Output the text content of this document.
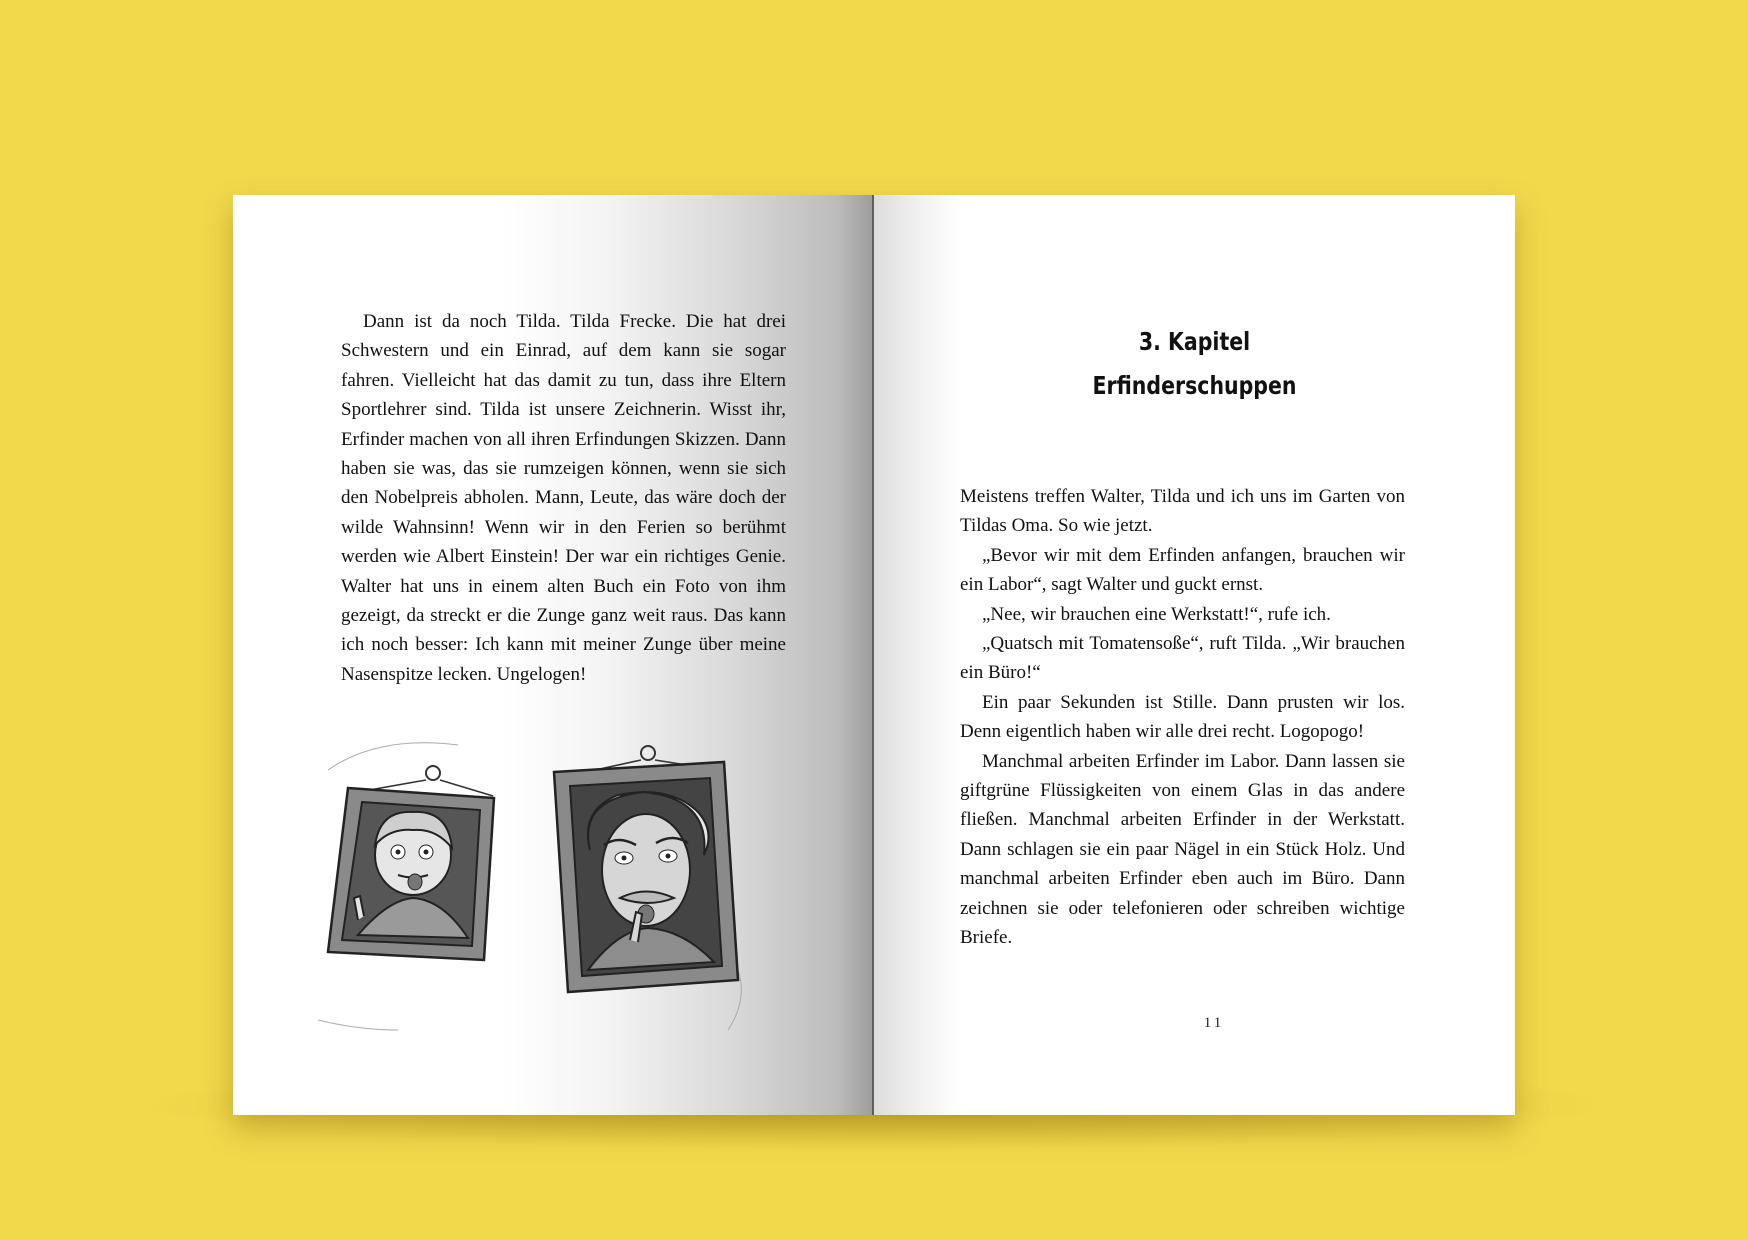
Dann ist da noch Tilda. Tilda Frecke. Die hat drei Schwestern und ein Einrad, auf dem kann sie sogar fahren. Vielleicht hat das damit zu tun, dass ihre Eltern Sportlehrer sind. Tilda ist unsere Zeichnerin. Wisst ihr, Erfinder machen von all ihren Erfindungen Skizzen. Dann haben sie was, das sie rumzeigen können, wenn sie sich den Nobelpreis abholen. Mann, Leute, das wäre doch der wilde Wahnsinn! Wenn wir in den Ferien so berühmt werden wie Albert Einstein! Der war ein richtiges Genie. Walter hat uns in einem alten Buch ein Foto von ihm gezeigt, da streckt er die Zunge ganz weit raus. Das kann ich noch besser: Ich kann mit meiner Zunge über meine Nasenspitze lecken. Ungelogen!

3. Kapitel
Erfinderschuppen

Meistens treffen Walter, Tilda und ich uns im Garten von Tildas Oma. So wie jetzt.

„Bevor wir mit dem Erfinden anfangen, brauchen wir ein Labor“, sagt Walter und guckt ernst.

„Nee, wir brauchen eine Werkstatt!“, rufe ich.

„Quatsch mit Tomatensoße“, ruft Tilda. „Wir brauchen ein Büro!“

Ein paar Sekunden ist Stille. Dann prusten wir los. Denn eigentlich haben wir alle drei recht. Logopogo!

Manchmal arbeiten Erfinder im Labor. Dann lassen sie giftgrüne Flüssigkeiten von einem Glas in das andere fließen. Manchmal arbeiten Erfinder in der Werkstatt. Dann schlagen sie ein paar Nägel in ein Stück Holz. Und manchmal arbeiten Erfinder eben auch im Büro. Dann zeichnen sie oder telefonieren oder schreiben wichtige Briefe.

11
